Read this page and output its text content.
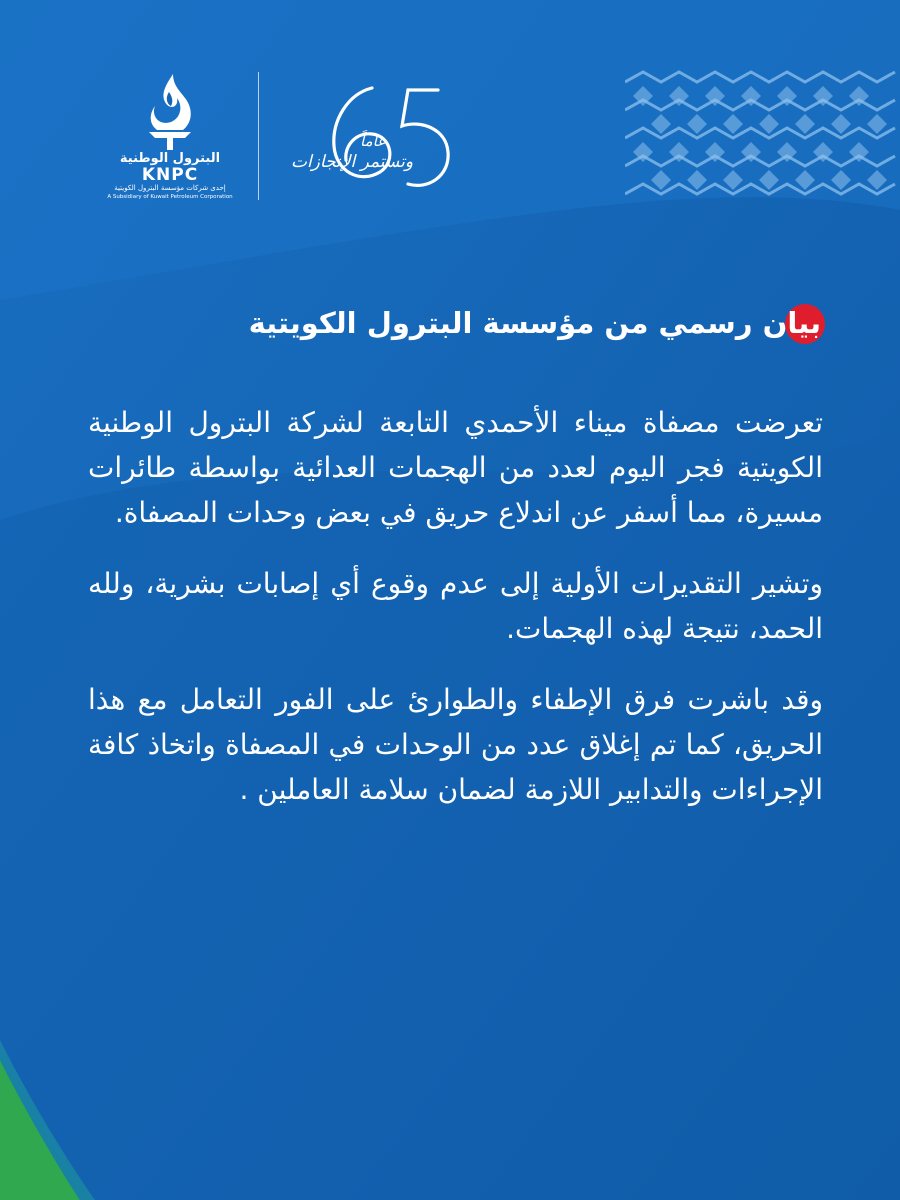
البترول الوطنية
KNPC
إحدى شركات مؤسسة البترول الكويتية
A Subsidiary of Kuwait Petroleum Corporation
عاماً
وتستمر الإنجازات
بيان رسمي من مؤسسة البترول الكويتية

تعرضت مصفاة ميناء الأحمدي التابعة لشركة البترول الوطنية الكويتية فجر اليوم لعدد من الهجمات العدائية بواسطة طائرات مسيرة، مما أسفر عن اندلاع حريق في بعض وحدات المصفاة.

وتشير التقديرات الأولية إلى عدم وقوع أي إصابات بشرية، ولله الحمد، نتيجة لهذه الهجمات.

وقد باشرت فرق الإطفاء والطوارئ على الفور التعامل مع هذا الحريق، كما تم إغلاق عدد من الوحدات في المصفاة واتخاذ كافة الإجراءات والتدابير اللازمة لضمان سلامة العاملين .
